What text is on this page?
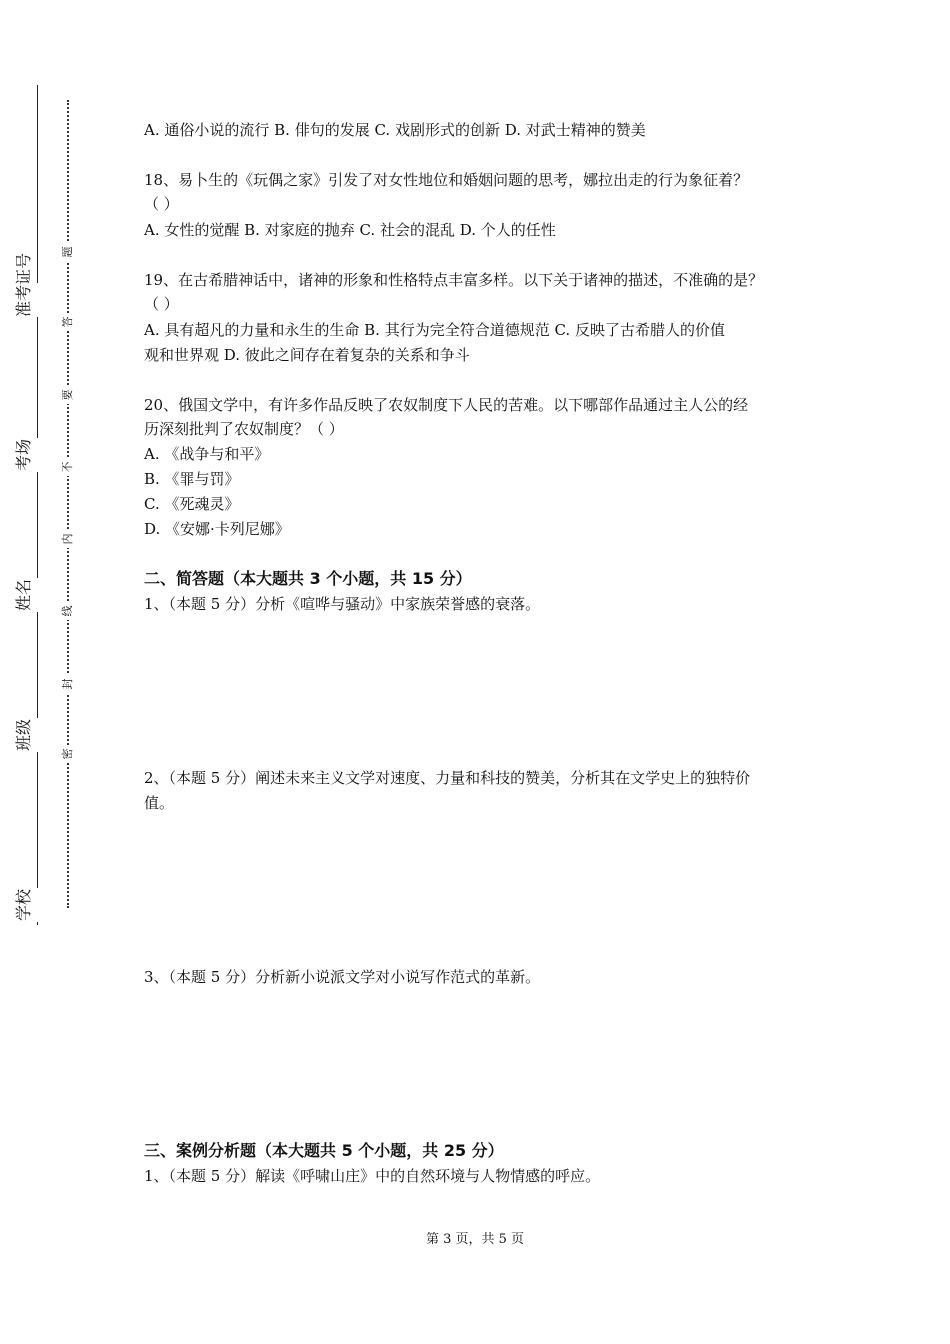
准考证号
考场
姓名
班级
学校
题
答
要
不
内
线
封
密
A. 通俗小说的流行 B. 俳句的发展 C. 戏剧形式的创新 D. 对武士精神的赞美
18、易卜生的《玩偶之家》引发了对女性地位和婚姻问题的思考，娜拉出走的行为象征着？
（ ）
A. 女性的觉醒 B. 对家庭的抛弃 C. 社会的混乱 D. 个人的任性
19、在古希腊神话中，诸神的形象和性格特点丰富多样。以下关于诸神的描述，不准确的是？
（ ）
A. 具有超凡的力量和永生的生命 B. 其行为完全符合道德规范 C. 反映了古希腊人的价值
观和世界观 D. 彼此之间存在着复杂的关系和争斗
20、俄国文学中，有许多作品反映了农奴制度下人民的苦难。以下哪部作品通过主人公的经
历深刻批判了农奴制度？（ ）
A. 《战争与和平》
B. 《罪与罚》
C. 《死魂灵》
D. 《安娜·卡列尼娜》
二、简答题（本大题共 3 个小题，共 15 分）
1、（本题 5 分）分析《喧哗与骚动》中家族荣誉感的衰落。
2、（本题 5 分）阐述未来主义文学对速度、力量和科技的赞美，分析其在文学史上的独特价
值。
3、（本题 5 分）分析新小说派文学对小说写作范式的革新。
三、案例分析题（本大题共 5 个小题，共 25 分）
1、（本题 5 分）解读《呼啸山庄》中的自然环境与人物情感的呼应。
第 3 页，共 5 页
